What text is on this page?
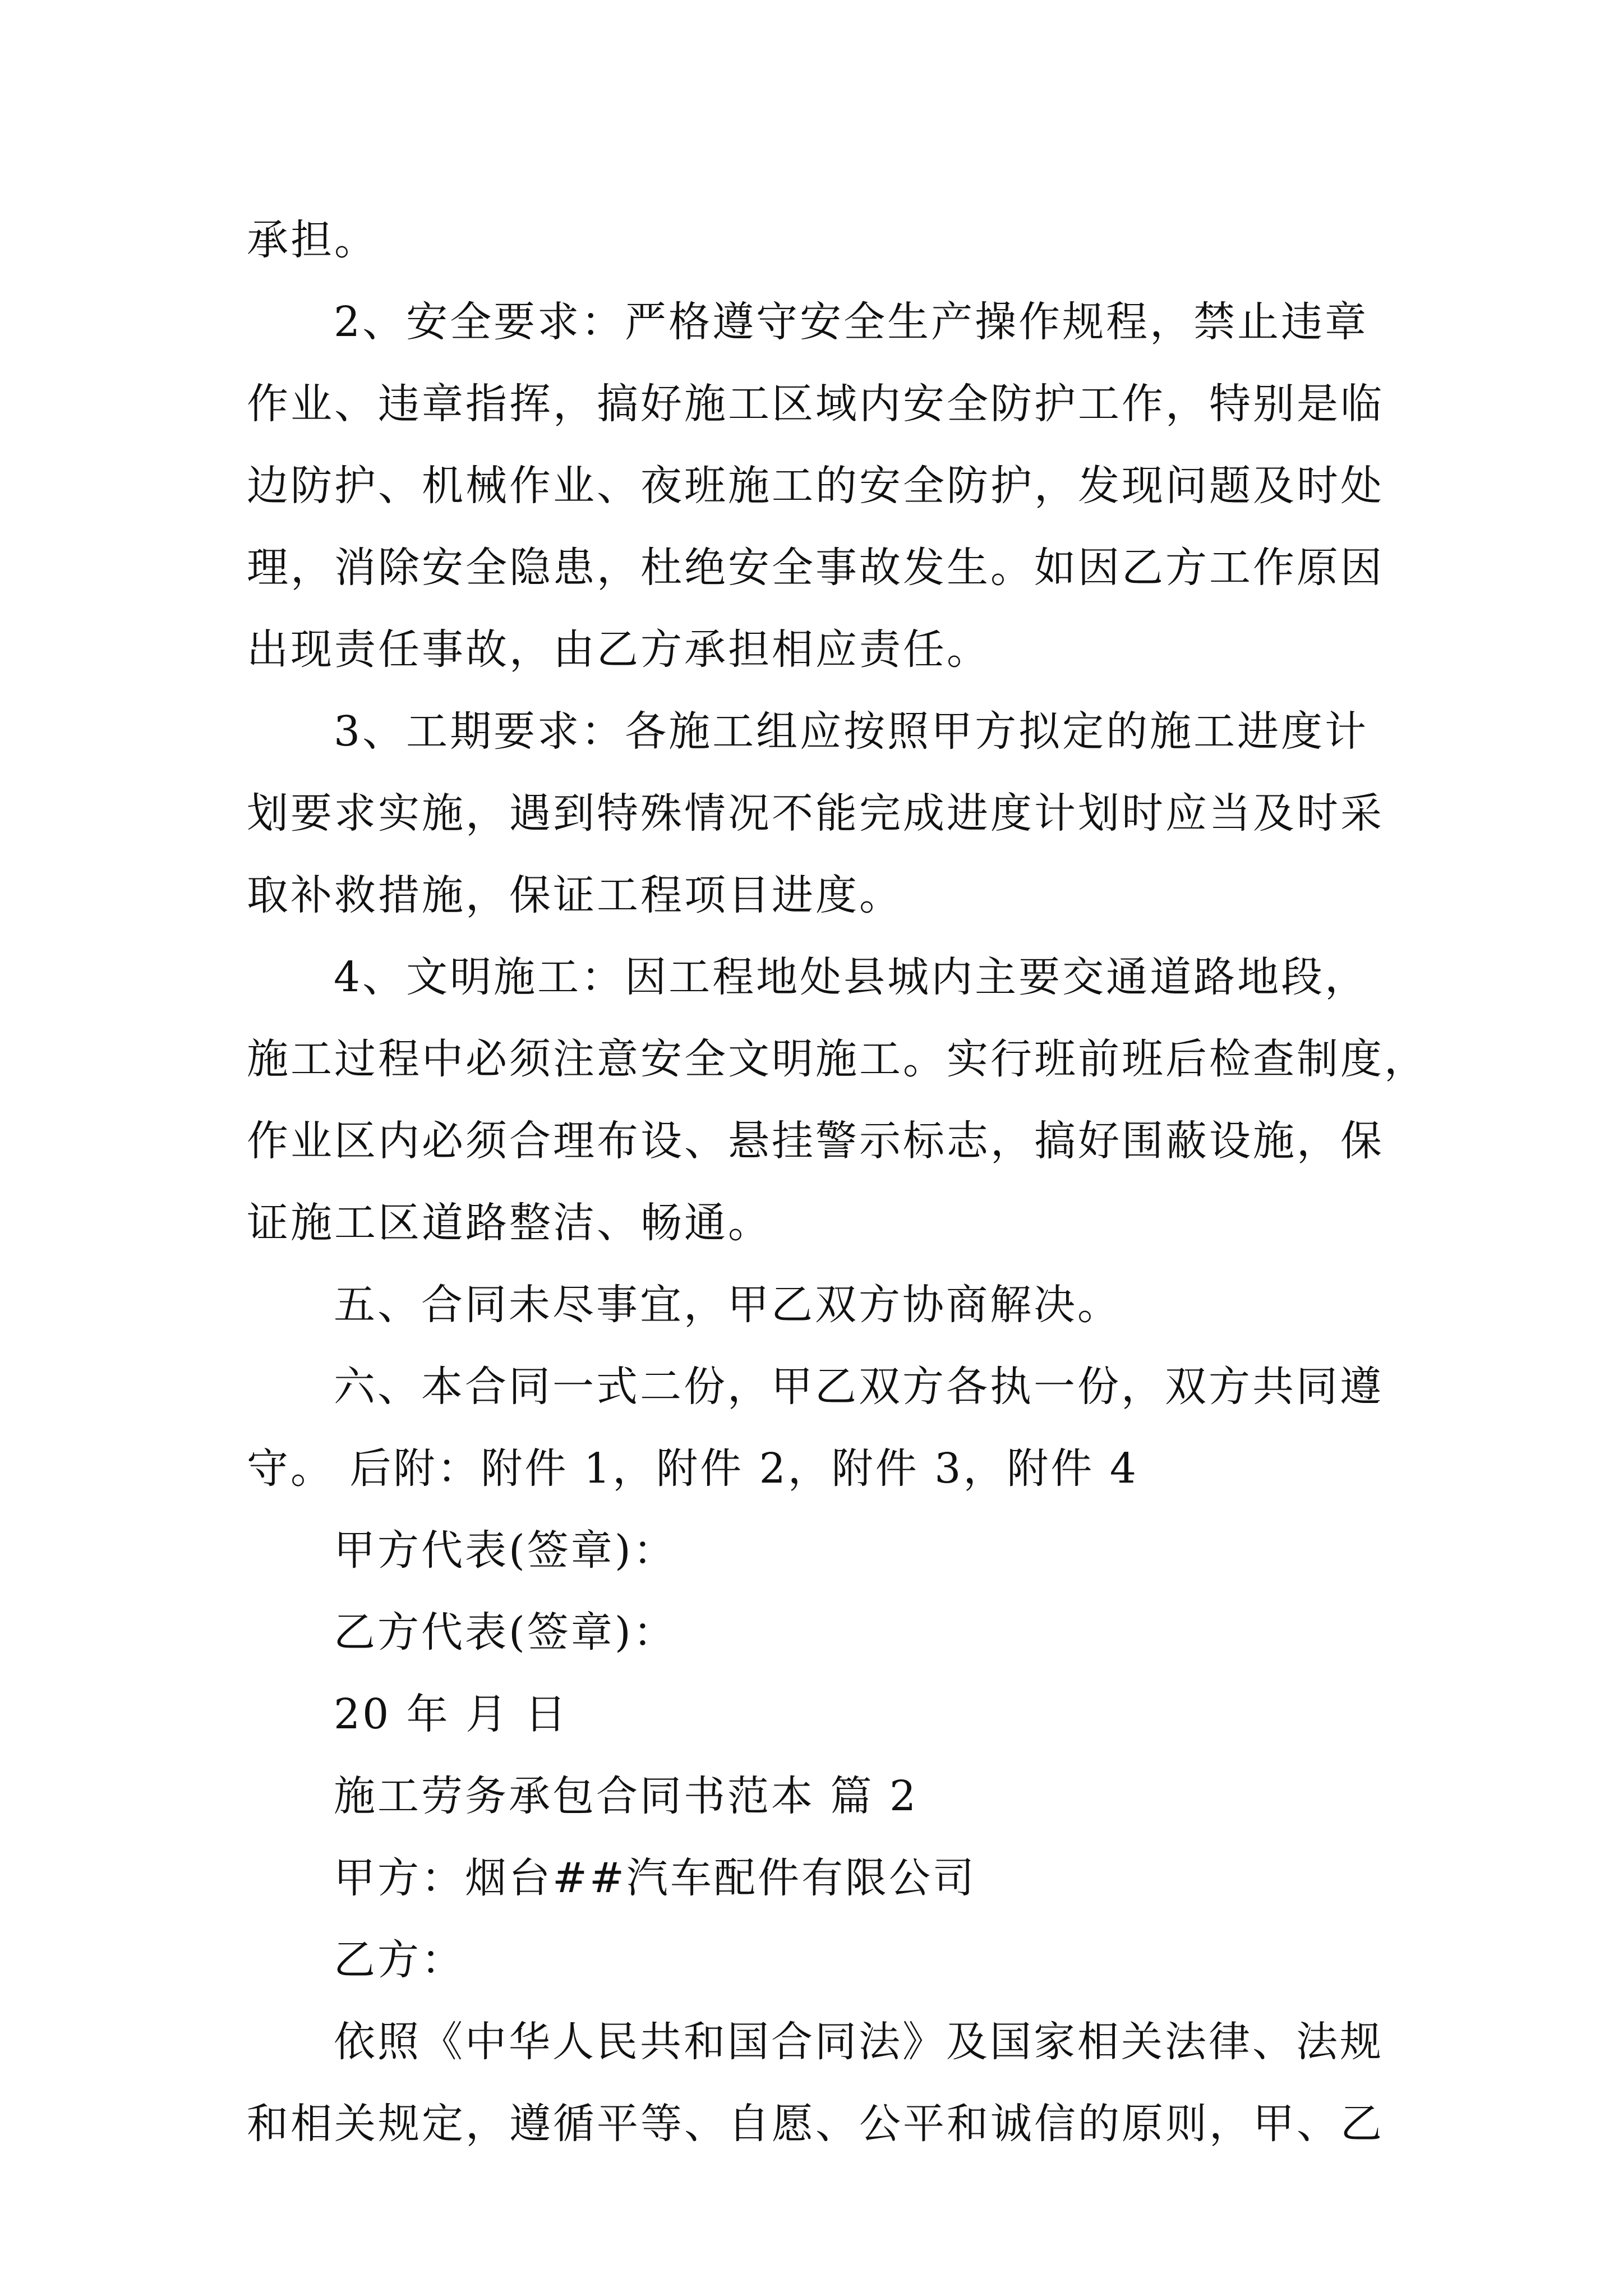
承担。
2、安全要求：严格遵守安全生产操作规程，禁止违章
作业、违章指挥，搞好施工区域内安全防护工作，特别是临
边防护、机械作业、夜班施工的安全防护，发现问题及时处
理，消除安全隐患，杜绝安全事故发生。如因乙方工作原因
出现责任事故，由乙方承担相应责任。
3、工期要求：各施工组应按照甲方拟定的施工进度计
划要求实施，遇到特殊情况不能完成进度计划时应当及时采
取补救措施，保证工程项目进度。
4、文明施工：因工程地处县城内主要交通道路地段，
施工过程中必须注意安全文明施工。实行班前班后检查制度，
作业区内必须合理布设、悬挂警示标志，搞好围蔽设施，保
证施工区道路整洁、畅通。
五、合同未尽事宜，甲乙双方协商解决。
六、本合同一式二份，甲乙双方各执一份，双方共同遵
守。 后附：附件 1，附件 2，附件 3，附件 4
甲方代表(签章)：
乙方代表(签章)：
20 年 月 日
施工劳务承包合同书范本 篇 2
甲方：烟台##汽车配件有限公司
乙方：
依照《中华人民共和国合同法》及国家相关法律、法规
和相关规定，遵循平等、自愿、公平和诚信的原则，甲、乙
